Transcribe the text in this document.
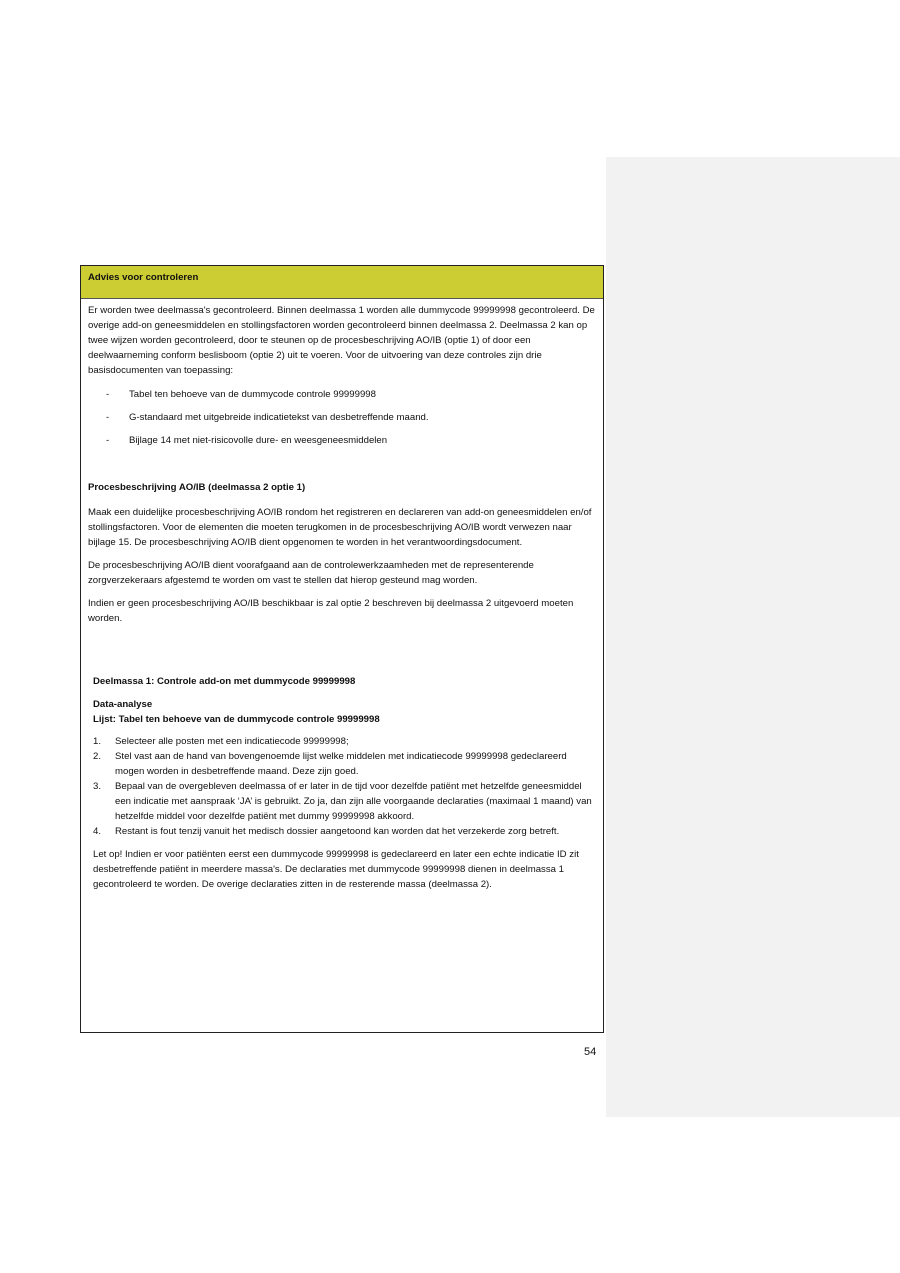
Advies voor controleren

Er worden twee deelmassa's gecontroleerd. Binnen deelmassa 1 worden alle dummycode 99999998 gecontroleerd. De overige add-on geneesmiddelen en stollingsfactoren worden gecontroleerd binnen deelmassa 2. Deelmassa 2 kan op twee wijzen worden gecontroleerd, door te steunen op de procesbeschrijving AO/IB (optie 1) of door een deelwaarneming conform beslisboom (optie 2) uit te voeren. Voor de uitvoering van deze controles zijn drie basisdocumenten van toepassing:

- Tabel ten behoeve van de dummycode controle 99999998
- G-standaard met uitgebreide indicatietekst van desbetreffende maand.
- Bijlage 14 met niet-risicovolle dure- en weesgeneesmiddelen

Procesbeschrijving AO/IB (deelmassa 2 optie 1)

Maak een duidelijke procesbeschrijving AO/IB rondom het registreren en declareren van add-on geneesmiddelen en/of stollingsfactoren. Voor de elementen die moeten terugkomen in de procesbeschrijving AO/IB wordt verwezen naar bijlage 15. De procesbeschrijving AO/IB dient opgenomen te worden in het verantwoordingsdocument.

De procesbeschrijving AO/IB dient voorafgaand aan de controlewerkzaamheden met de representerende zorgverzekeraars afgestemd te worden om vast te stellen dat hierop gesteund mag worden.

Indien er geen procesbeschrijving AO/IB beschikbaar is zal optie 2 beschreven bij deelmassa 2 uitgevoerd moeten worden.

Deelmassa 1: Controle add-on met dummycode 99999998

Data-analyse

Lijst: Tabel ten behoeve van de dummycode controle 99999998

1. Selecteer alle posten met een indicatiecode 99999998;
2. Stel vast aan de hand van bovengenoemde lijst welke middelen met indicatiecode 99999998 gedeclareerd mogen worden in desbetreffende maand. Deze zijn goed.
3. Bepaal van de overgebleven deelmassa of er later in de tijd voor dezelfde patiënt met hetzelfde geneesmiddel een indicatie met aanspraak ‘JA’ is gebruikt. Zo ja, dan zijn alle voorgaande declaraties (maximaal 1 maand) van hetzelfde middel voor dezelfde patiënt met dummy 99999998 akkoord.
4. Restant is fout tenzij vanuit het medisch dossier aangetoond kan worden dat het verzekerde zorg betreft.

Let op! Indien er voor patiënten eerst een dummycode 99999998 is gedeclareerd en later een echte indicatie ID zit desbetreffende patiënt in meerdere massa's. De declaraties met dummycode 99999998 dienen in deelmassa 1 gecontroleerd te worden. De overige declaraties zitten in de resterende massa (deelmassa 2).

54
